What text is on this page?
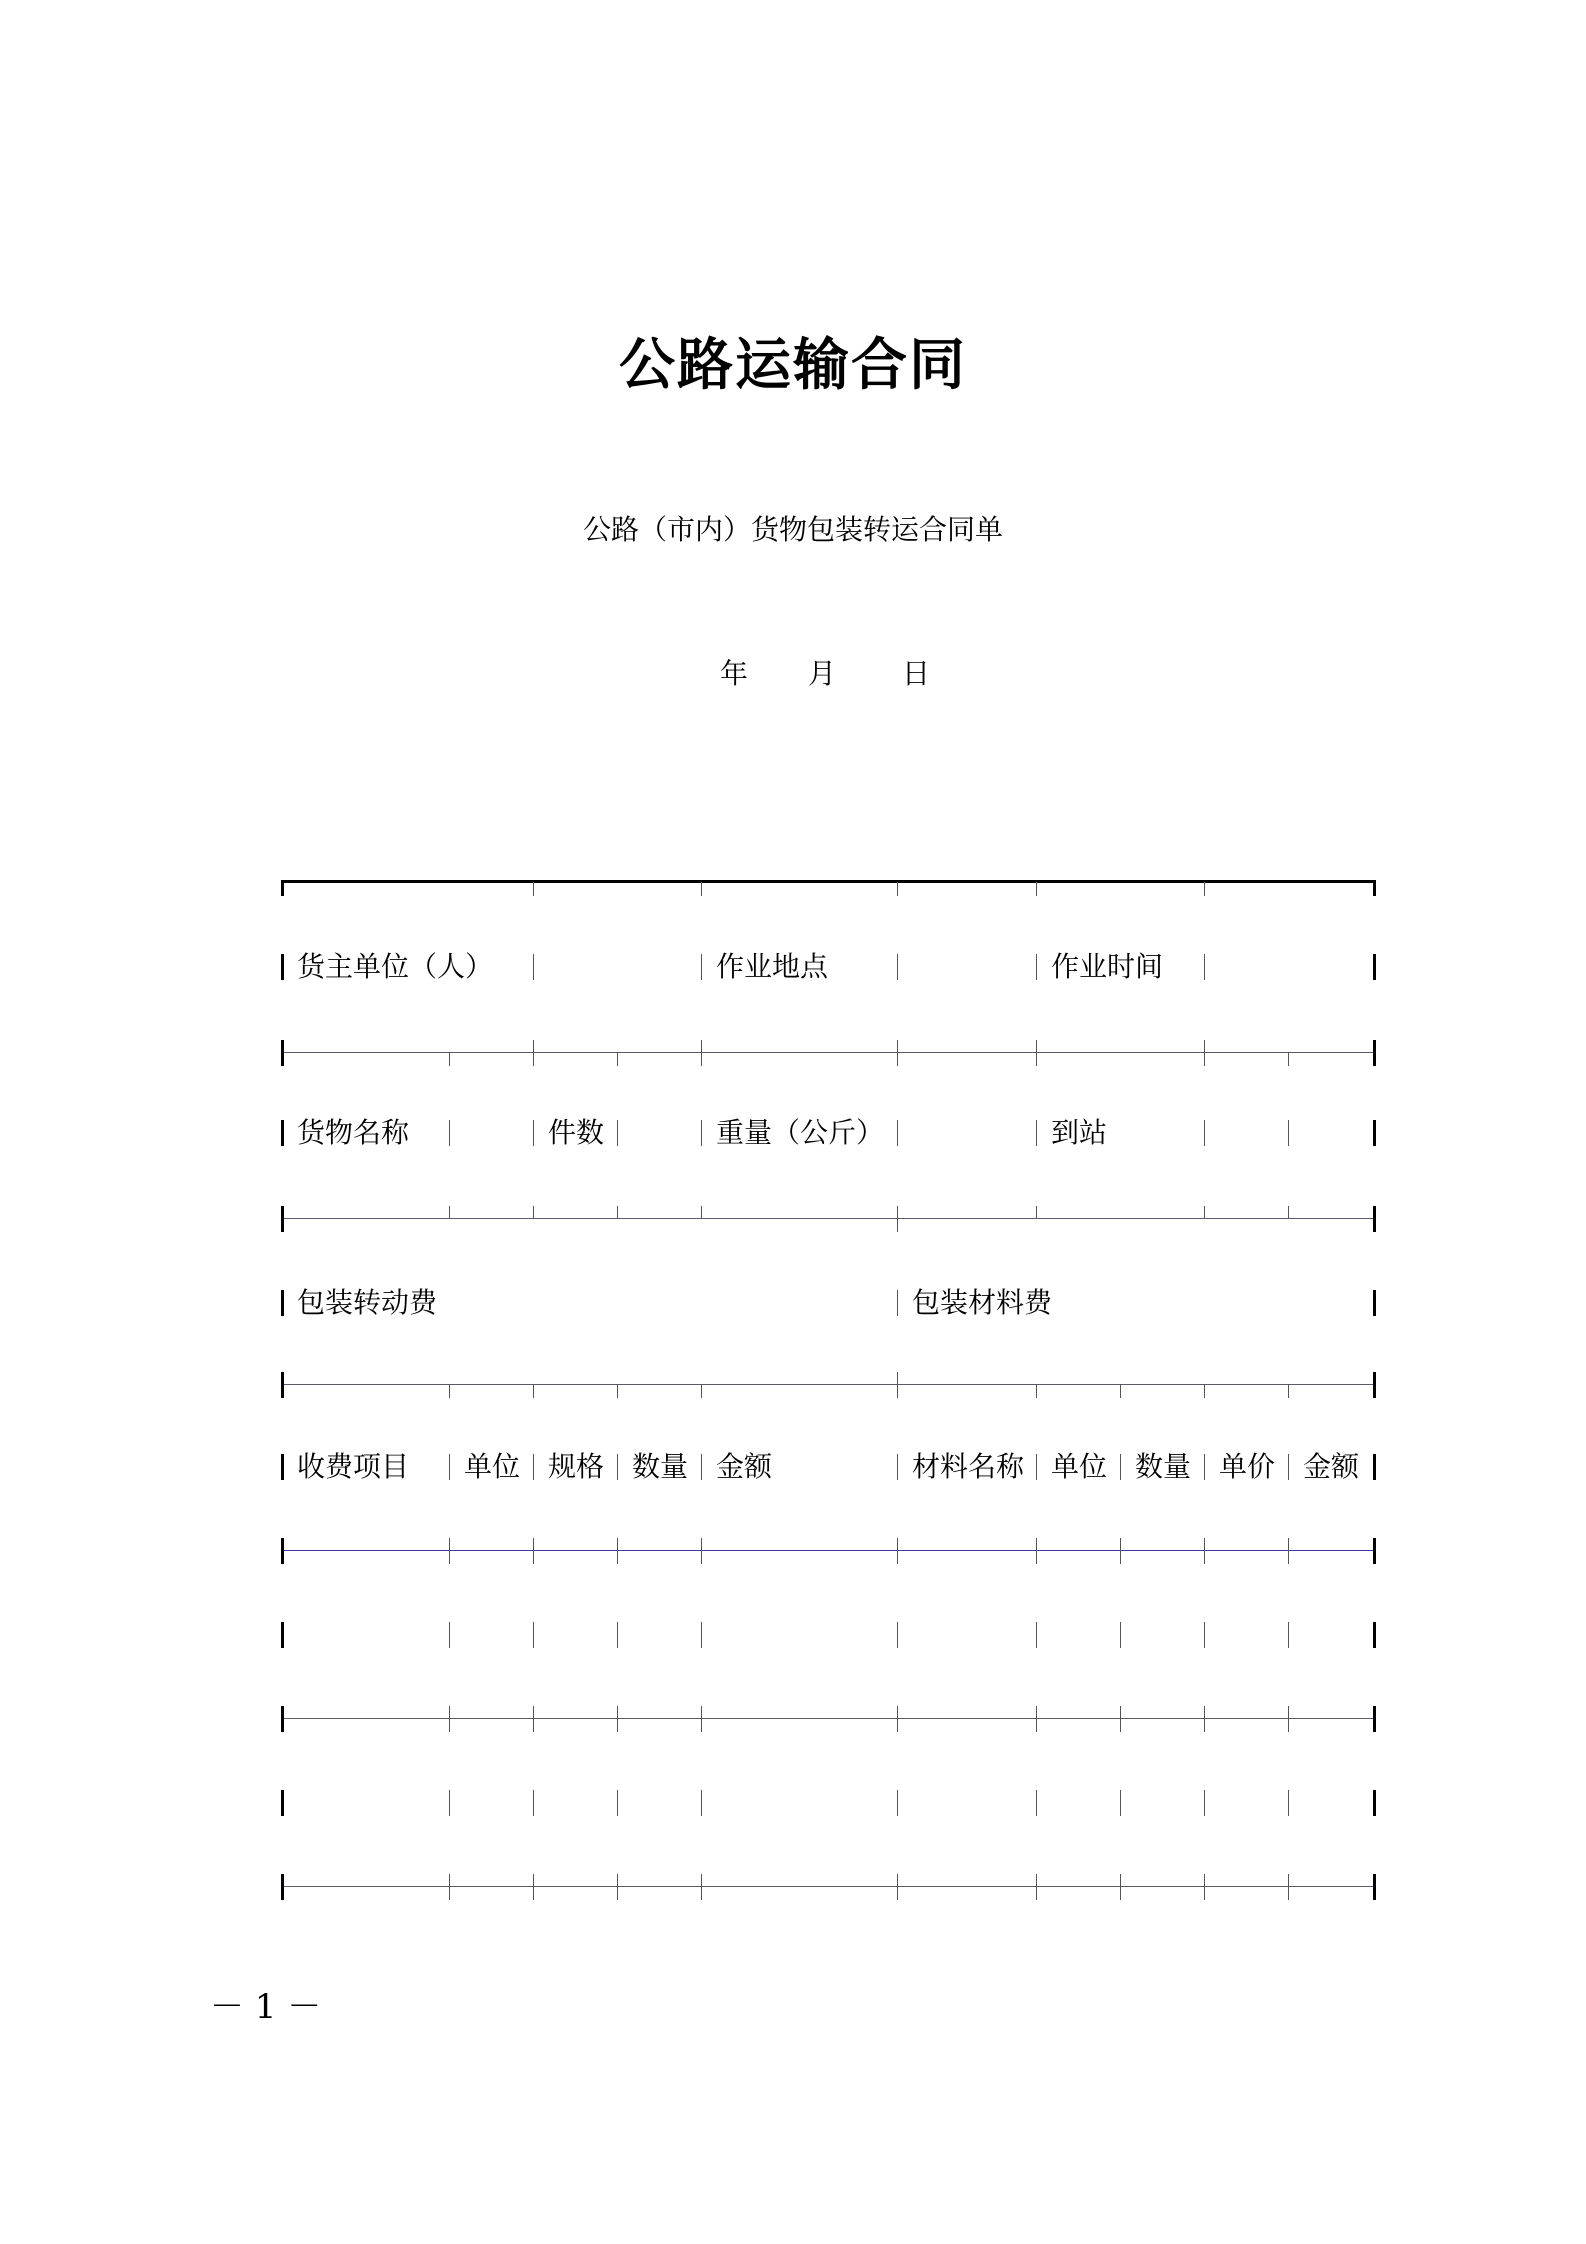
公路运输合同
公路（市内）货物包装转运合同单
年 月 日
货主单位（人）	作业地点	作业时间
货物名称	件数	重量（公斤）	到站
包装转动费	包装材料费
收费项目 单位 规格 数量 金额	材料名称 单位 数量 单价 金额
－ 1 －
